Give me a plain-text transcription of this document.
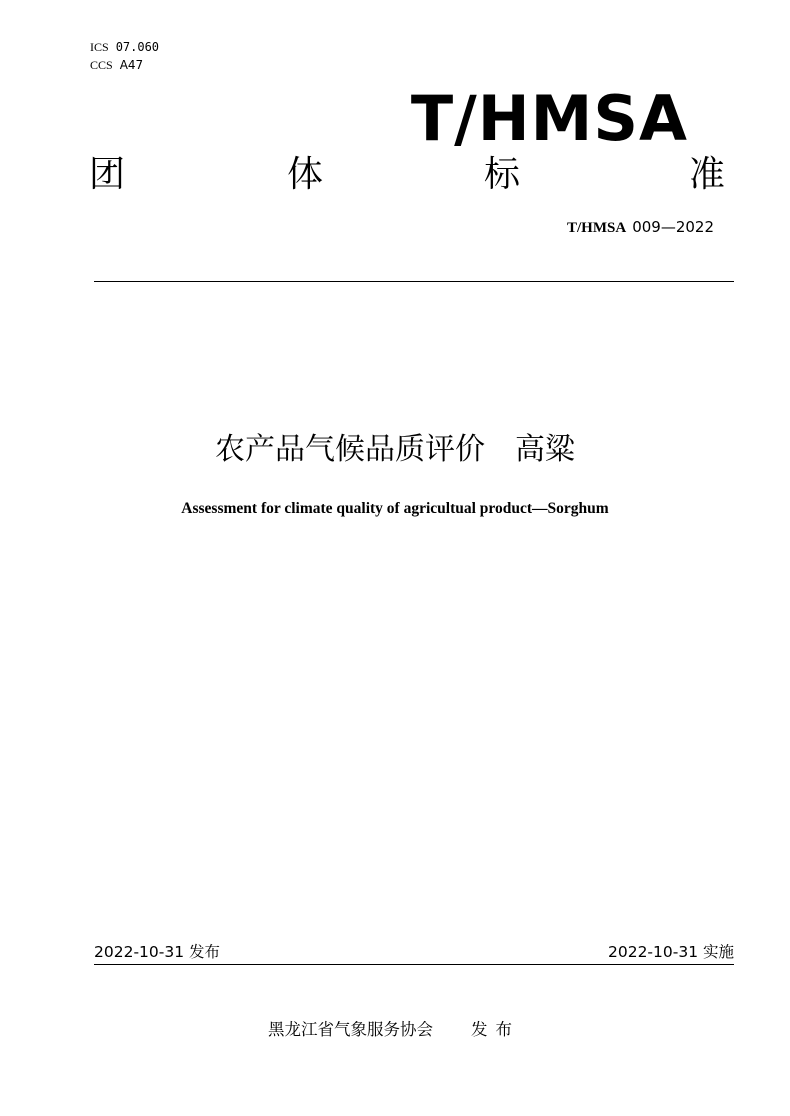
ICS 07.060
CCS A47
T/HMSA
团	体	标	准
T/HMSA 009—2022
农产品气候品质评价　高粱
Assessment for climate quality of agricultual product—Sorghum
2022-10-31 发布	2022-10-31 实施
黑龙江省气象服务协会 发布
